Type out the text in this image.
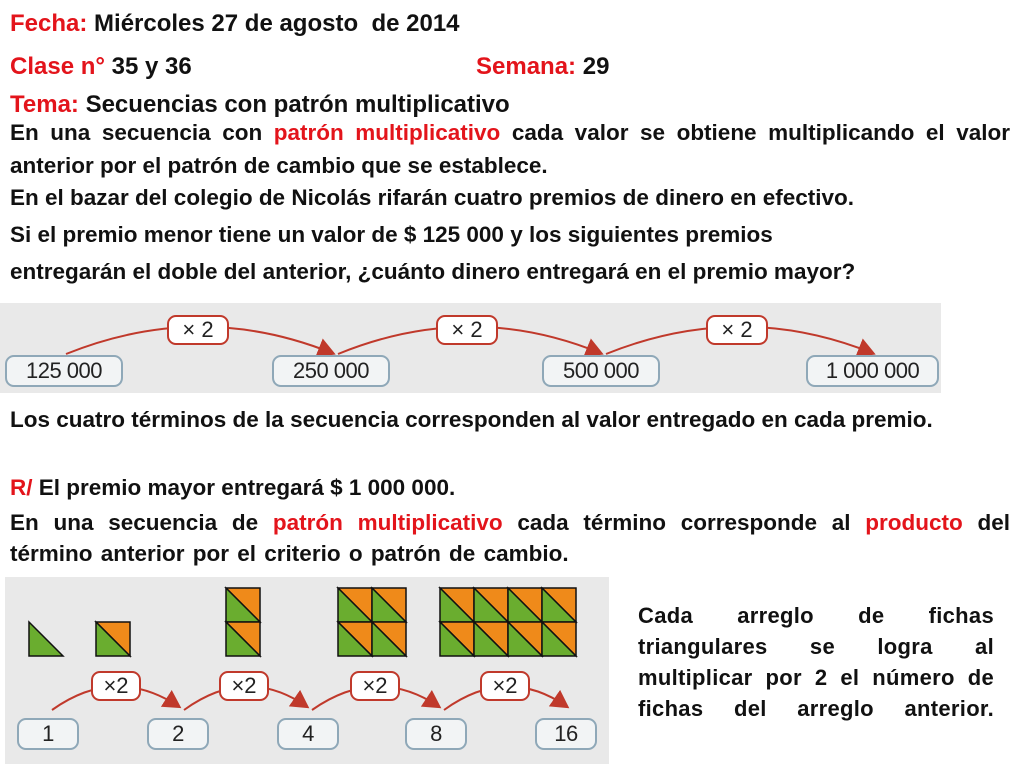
Fecha: Miércoles 27 de agosto  de 2014
Clase n° 35 y 36	Semana: 29
Tema: Secuencias con patrón multiplicativo
En una secuencia con patrón multiplicativo cada valor se obtiene multiplicando el valor anterior por el patrón de cambio que se establece.
En el bazar del colegio de Nicolás rifarán cuatro premios de dinero en efectivo.
Si el premio menor tiene un valor de $ 125 000 y los siguientes premios
entregarán el doble del anterior, ¿cuánto dinero entregará en el premio mayor?
× 2	× 2	× 2
125 000	250 000	500 000	1 000 000
Los cuatro términos de la secuencia corresponden al valor entregado en cada premio.
R/ El premio mayor entregará $ 1 000 000.
En una secuencia de patrón multiplicativo cada término corresponde al producto del término anterior por el criterio o patrón de cambio.
×2	×2	×2	×2
1	2	4	8	16
Cada arreglo de fichas triangulares se logra al multiplicar por 2 el número de fichas del arreglo anterior.
